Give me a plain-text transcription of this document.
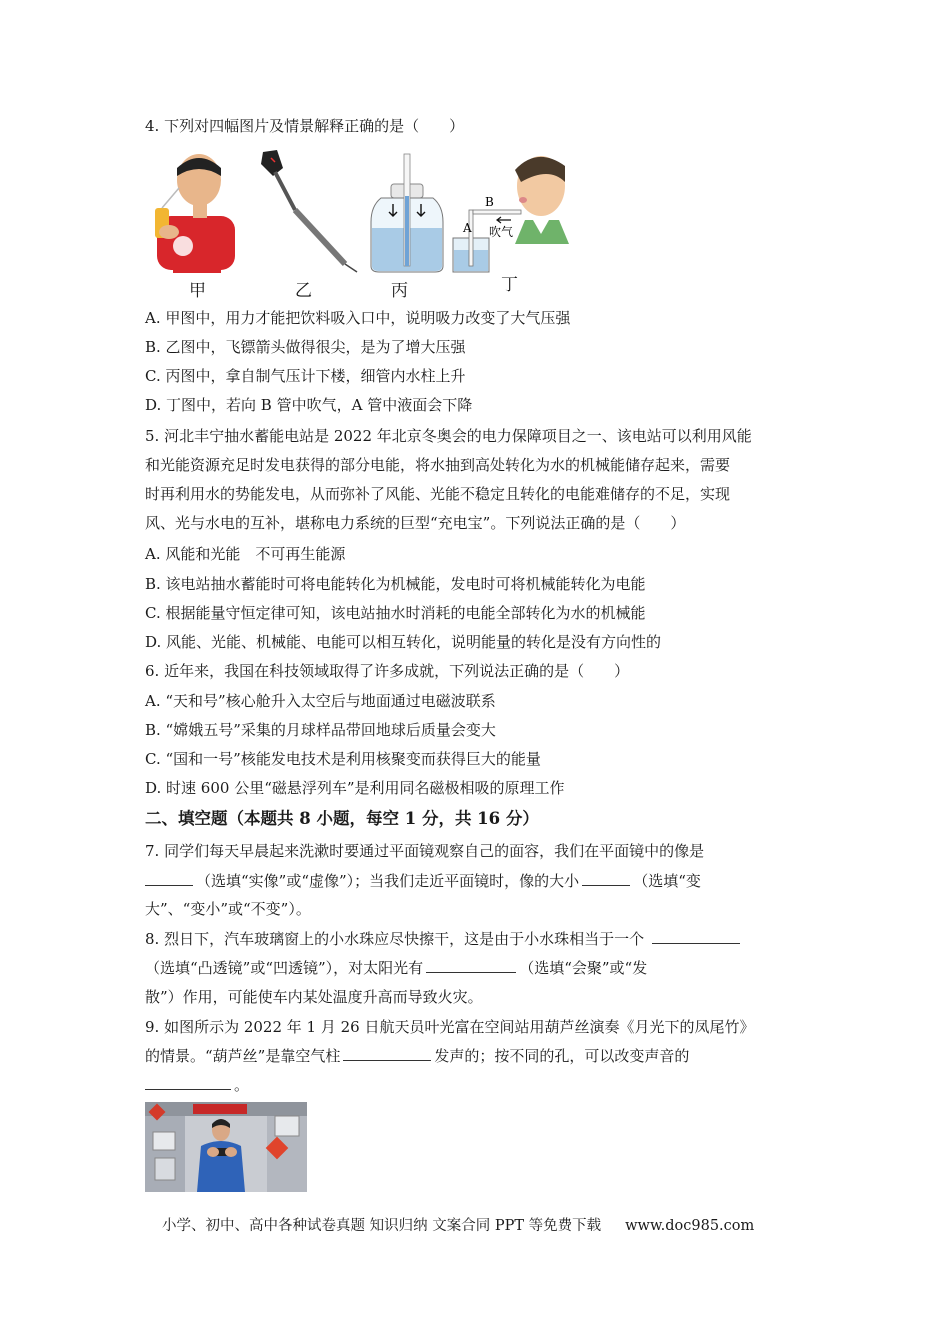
4. 下列对四幅图片及情景解释正确的是（　　）
B
A 吹气
甲	乙	丙	丁
A. 甲图中，用力才能把饮料吸入口中，说明吸力改变了大气压强
B. 乙图中，飞镖箭头做得很尖，是为了增大压强
C. 丙图中，拿自制气压计下楼，细管内水柱上升
D. 丁图中，若向 B 管中吹气，A 管中液面会下降
5. 河北丰宁抽水蓄能电站是 2022 年北京冬奥会的电力保障项目之一、该电站可以利用风能
和光能资源充足时发电获得的部分电能，将水抽到高处转化为水的机械能储存起来，需要
时再利用水的势能发电，从而弥补了风能、光能不稳定且转化的电能难储存的不足，实现
风、光与水电的互补，堪称电力系统的巨型“充电宝”。下列说法正确的是（　　）
A. 风能和光能　不可再生能源
B. 该电站抽水蓄能时可将电能转化为机械能，发电时可将机械能转化为电能
C. 根据能量守恒定律可知，该电站抽水时消耗的电能全部转化为水的机械能
D. 风能、光能、机械能、电能可以相互转化，说明能量的转化是没有方向性的
6. 近年来，我国在科技领域取得了许多成就，下列说法正确的是（　　）
A. “天和号”核心舱升入太空后与地面通过电磁波联系
B. “嫦娥五号”采集的月球样品带回地球后质量会变大
C. “国和一号”核能发电技术是利用核聚变而获得巨大的能量
D. 时速 600 公里“磁悬浮列车”是利用同名磁极相吸的原理工作
二、填空题（本题共 8 小题，每空 1 分，共 16 分）
7. 同学们每天早晨起来洗漱时要通过平面镜观察自己的面容，我们在平面镜中的像是
（选填“实像”或“虚像”）；当我们走近平面镜时，像的大小	（选填“变
大”、“变小”或“不变”）。
8. 烈日下，汽车玻璃窗上的小水珠应尽快擦干，这是由于小水珠相当于一个
（选填“凸透镜”或“凹透镜”），对太阳光有	（选填“会聚”或“发
散”）作用，可能使车内某处温度升高而导致火灾。
9. 如图所示为 2022 年 1 月 26 日航天员叶光富在空间站用葫芦丝演奏《月光下的凤尾竹》
的情景。“葫芦丝”是靠空气柱	发声的；按不同的孔，可以改变声音的
。
小学、初中、高中各种试卷真题 知识归纳 文案合同 PPT 等免费下载 www.doc985.com
